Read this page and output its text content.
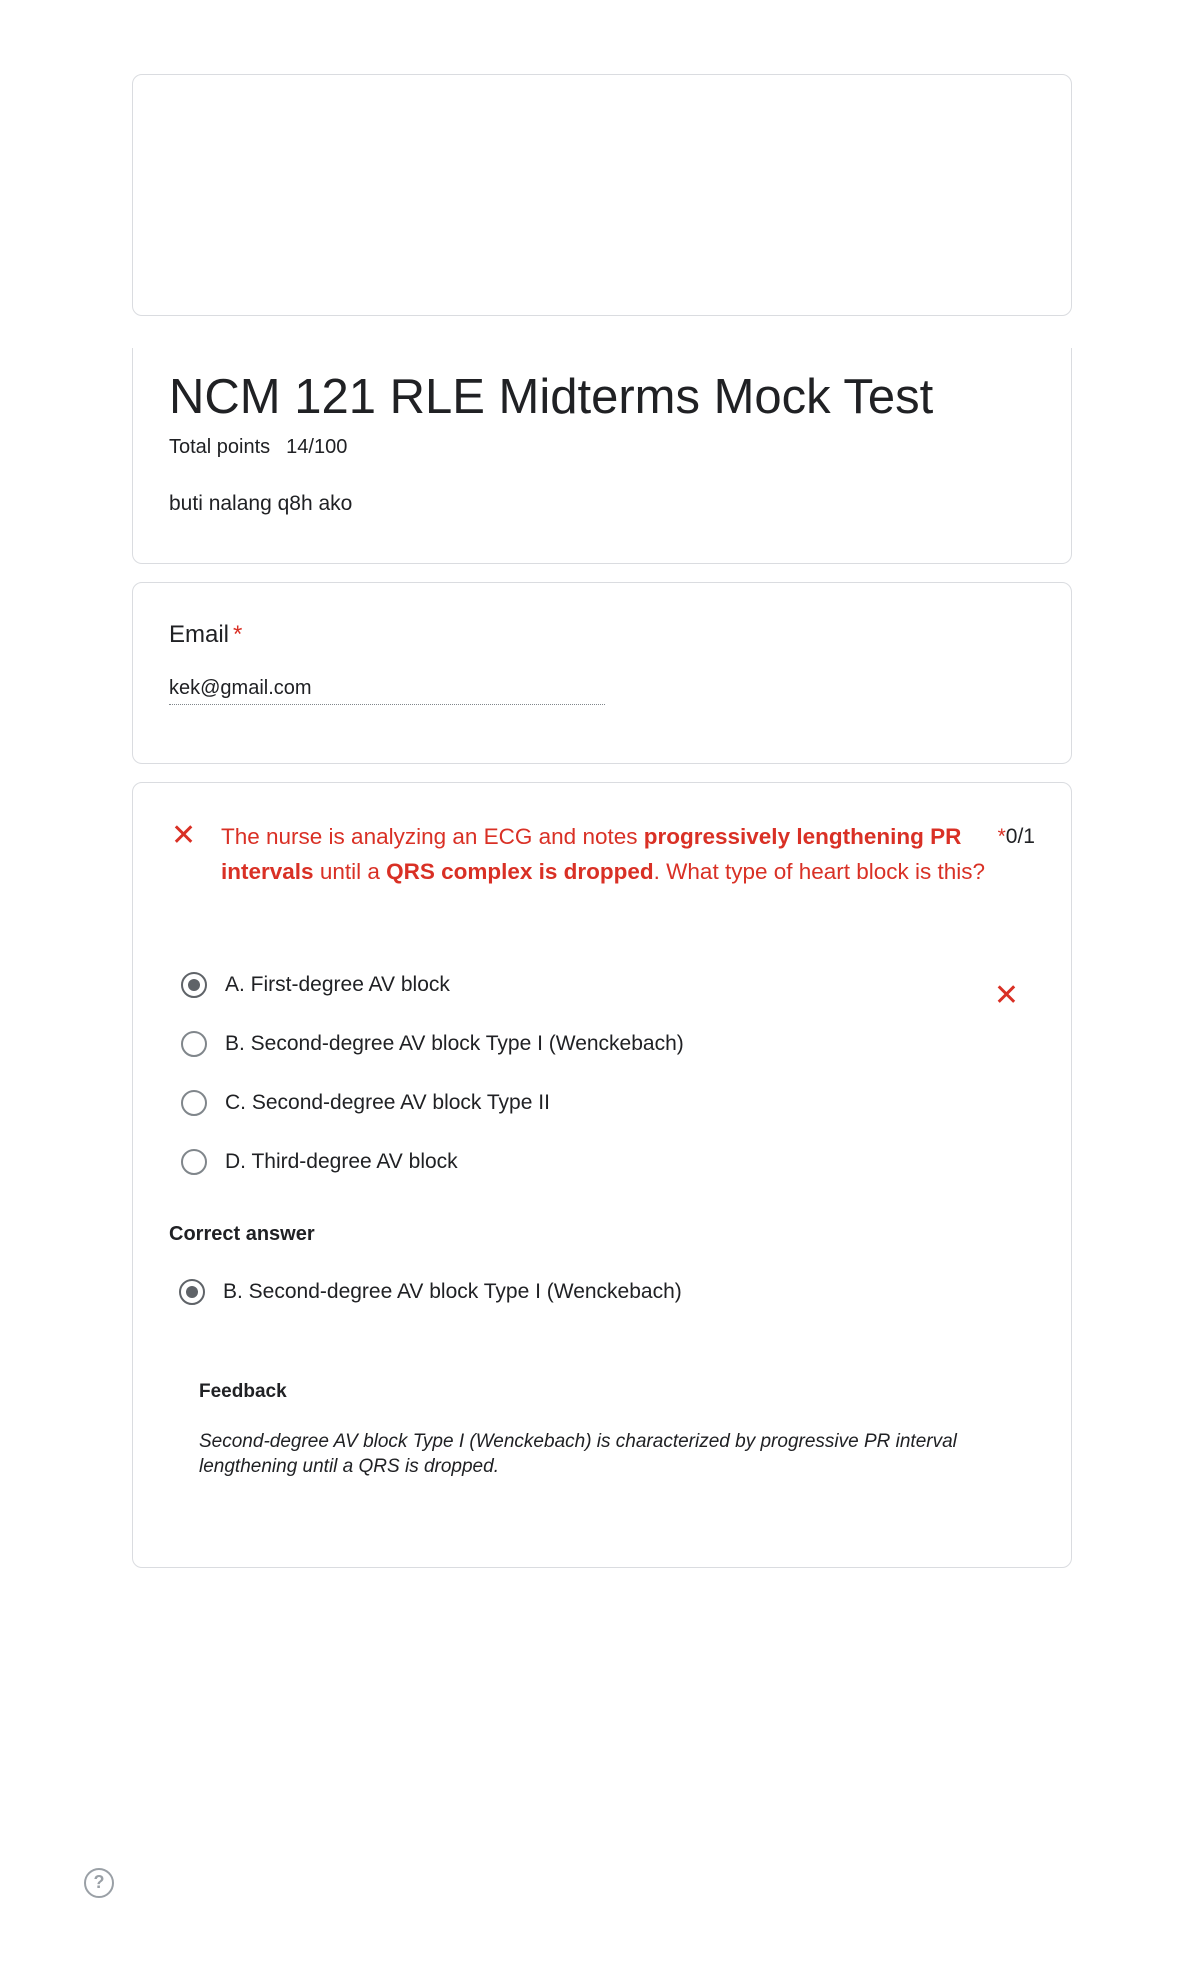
NCM 121 RLE Midterms Mock Test
Total points 14/100
buti nalang q8h ako
Email *
kek@gmail.com
✕ The nurse is analyzing an ECG and notes progressively lengthening PR intervals until a QRS complex is dropped. What type of heart block is this?
*0/1
A. First-degree AV block	✕
B. Second-degree AV block Type I (Wenckebach)
C. Second-degree AV block Type II
D. Third-degree AV block
Correct answer
B. Second-degree AV block Type I (Wenckebach)
Feedback
Second-degree AV block Type I (Wenckebach) is characterized by progressive PR interval lengthening until a QRS is dropped.
?
